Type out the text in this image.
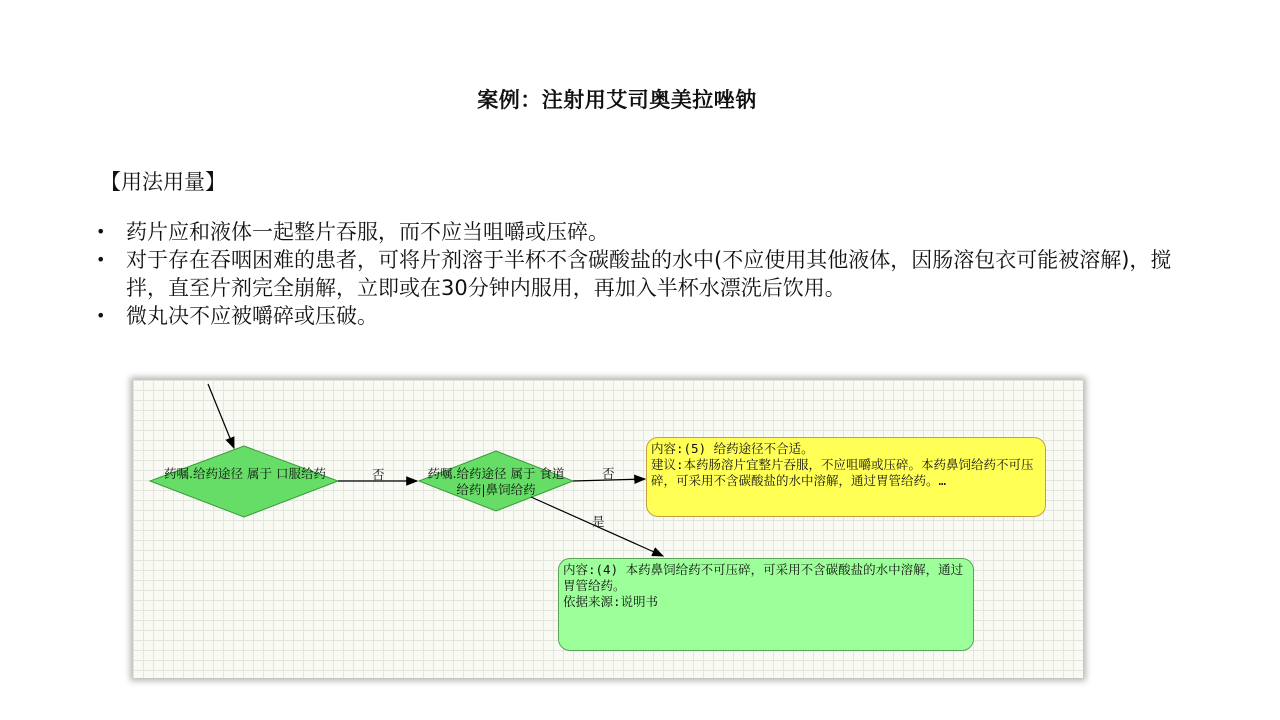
案例：注射用艾司奥美拉唑钠
【用法用量】
• 药片应和液体一起整片吞服，而不应当咀嚼或压碎。
• 对于存在吞咽困难的患者，可将片剂溶于半杯不含碳酸盐的水中(不应使用其他液体，因肠溶包衣可能被溶解)，搅拌，直至片剂完全崩解，立即或在30分钟内服用，再加入半杯水漂洗后饮用。
• 微丸决不应被嚼碎或压破。
药嘱.给药途径 属于 口服给药	药嘱.给药途径 属于 食道给药|鼻饲给药
否	否
是
内容:(5) 给药途径不合适。
建议:本药肠溶片宜整片吞服，不应咀嚼或压碎。本药鼻饲给药不可压碎，可采用不含碳酸盐的水中溶解，通过胃管给药。…
内容:(4) 本药鼻饲给药不可压碎，可采用不含碳酸盐的水中溶解，通过胃管给药。
依据来源:说明书
